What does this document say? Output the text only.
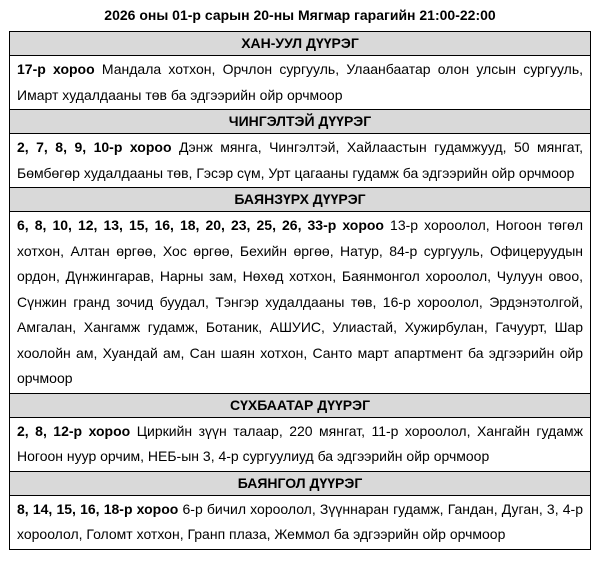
2026 оны 01-р сарын 20-ны Мягмар гарагийн 21:00-22:00
ХАН-УУЛ ДҮҮРЭГ
17-р хороо Мандала хотхон, Орчлон сургууль, Улаанбаатар олон улсын сургууль, Имарт худалдааны төв ба эдгээрийн ойр орчмоор
ЧИНГЭЛТЭЙ ДҮҮРЭГ
2, 7, 8, 9, 10-р хороо Дэнж мянга, Чингэлтэй, Хайлаастын гудамжууд, 50 мянгат, Бөмбөгөр худалдааны төв, Гэсэр сүм, Урт цагааны гудамж ба эдгээрийн ойр орчмоор
БАЯНЗҮРХ ДҮҮРЭГ
6, 8, 10, 12, 13, 15, 16, 18, 20, 23, 25, 26, 33-р хороо 13-р хороолол, Ногоон төгөл хотхон, Алтан өргөө, Хос өргөө, Бехийн өргөө, Натур, 84-р сургууль, Офицеруудын ордон, Дүнжингарав, Нарны зам, Нөхөд хотхон, Баянмонгол хороолол, Чулуун овоо, Сүнжин гранд зочид буудал, Тэнгэр худалдааны төв, 16-р хороолол, Эрдэнэтолгой, Амгалан, Хангамж гудамж, Ботаник, АШУИС, Улиастай, Хужирбулан, Гачуурт, Шар хоолойн ам, Хуандай ам, Сан шаян хотхон, Санто март апартмент ба эдгээрийн ойр орчмоор
СҮХБААТАР ДҮҮРЭГ
2, 8, 12-р хороо Циркийн зүүн талаар, 220 мянгат, 11-р хороолол, Хангайн гудамж Ногоон нуур орчим, НЕБ-ын 3, 4-р сургуулиуд ба эдгээрийн ойр орчмоор
БАЯНГОЛ ДҮҮРЭГ
8, 14, 15, 16, 18-р хороо 6-р бичил хороолол, Зүүннаран гудамж, Гандан, Дуган, 3, 4-р хороолол, Голомт хотхон, Гранп плаза, Жеммол ба эдгээрийн ойр орчмоор
